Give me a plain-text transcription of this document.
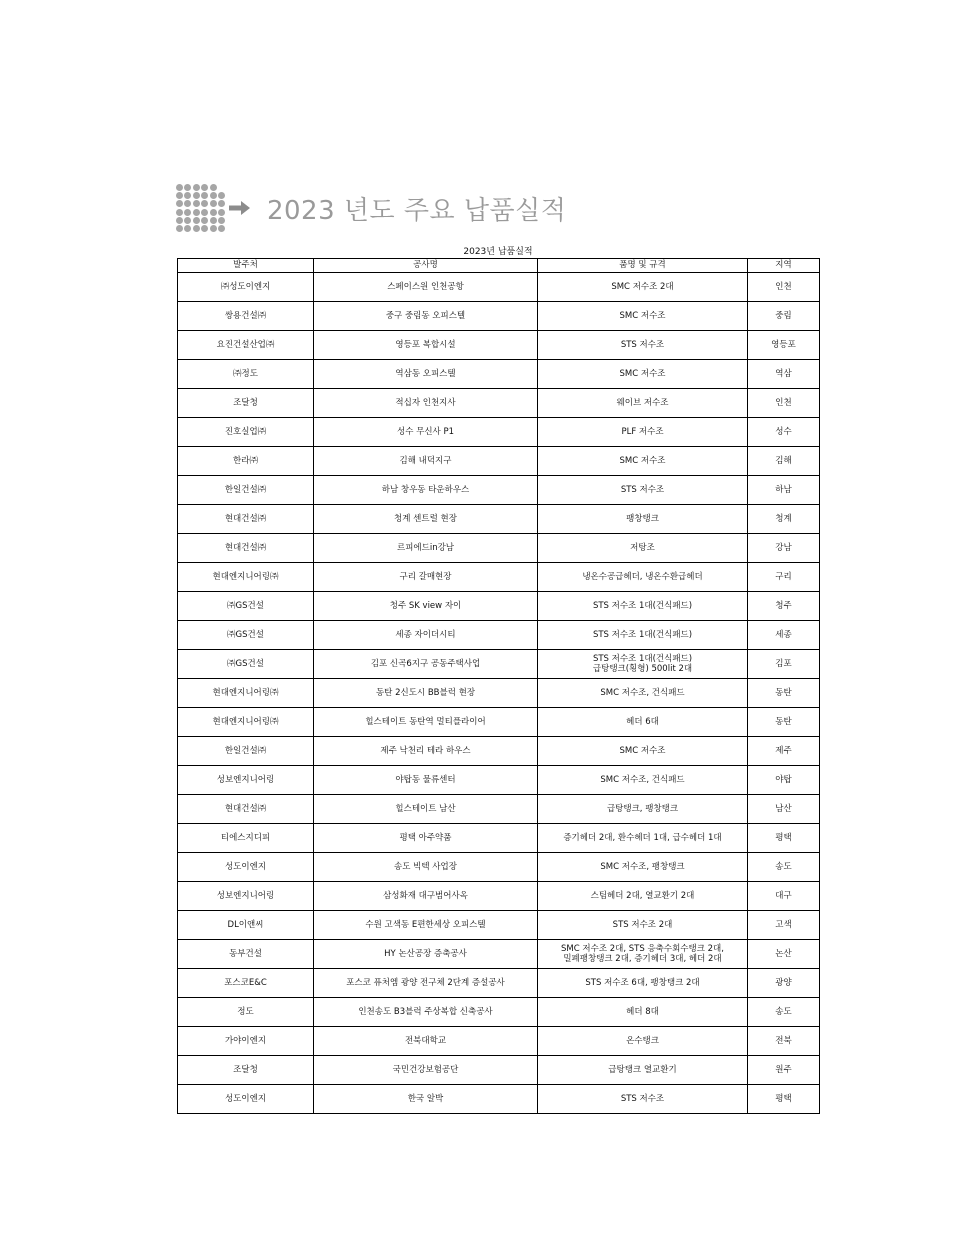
2023 년도 주요 납품실적
2023년 납품실적
발주처	공사명	품명 및 규격	지역
㈜성도이엔지	스페이스원 인천공항	SMC 저수조 2대	인천
쌍용건설㈜	중구 중림동 오피스텔	SMC 저수조	중림
요진건설산업㈜	영등포 복합시설	STS 저수조	영등포
㈜정도	역삼동 오피스텔	SMC 저수조	역삼
조달청	적십자 인천지사	웨이브 저수조	인천
진호실업㈜	성수 무신사 P1	PLF 저수조	성수
한라㈜	김해 내덕지구	SMC 저수조	김해
한일건설㈜	하남 창우동 타운하우스	STS 저수조	하남
현대건설㈜	청계 센트럴 현장	팽창탱크	청계
현대건설㈜	르피에드in강남	저탕조	강남
현대엔지니어링㈜	구리 갈매현장	냉온수공급헤더, 냉온수환급헤더	구리
㈜GS건설	청주 SK view 자이	STS 저수조 1대(건식패드)	청주
㈜GS건설	세종 자이더시티	STS 저수조 1대(건식패드)	세종
㈜GS건설	김포 신곡6지구 공동주택사업	STS 저수조 1대(건식패드)
급탕탱크(횡형) 500lit 2대	김포
현대엔지니어링㈜	동탄 2신도시 BB블럭 현장	SMC 저수조, 건식패드	동탄
현대엔지니어링㈜	힐스테이트 동탄역 멀티플라이어	헤더 6대	동탄
한일건설㈜	제주 낙천리 테라 하우스	SMC 저수조	제주
성보엔지니어링	야탑동 물류센터	SMC 저수조, 건식패드	야탑
현대건설㈜	힐스테이트 남산	급탕탱크, 팽창탱크	남산
티에스지디피	평택 아주약품	증기헤더 2대, 환수헤더 1대, 급수헤더 1대	평택
성도이엔지	송도 빅텍 사업장	SMC 저수조, 팽창탱크	송도
성보엔지니어링	삼성화재 대구범어사옥	스팀헤더 2대, 열교환기 2대	대구
DL이앤씨	수원 고색동 E편한세상 오피스텔	STS 저수조 2대	고색
동부건설	HY 논산공장 증축공사	SMC 저수조 2대, STS 응축수회수탱크 2대,
밀폐팽창탱크 2대, 증기헤더 3대, 헤더 2대	논산
포스코E&C	포스코 퓨처엠 광양 전구체 2단계 증설공사	STS 저수조 6대, 팽창탱크 2대	광양
정도	인천송도 B3블럭 주상복합 신축공사	헤더 8대	송도
가야이엔지	전북대학교	온수탱크	전북
조달청	국민건강보험공단	급탕탱크 열교환기	원주
성도이엔지	한국 알박	STS 저수조	평택
